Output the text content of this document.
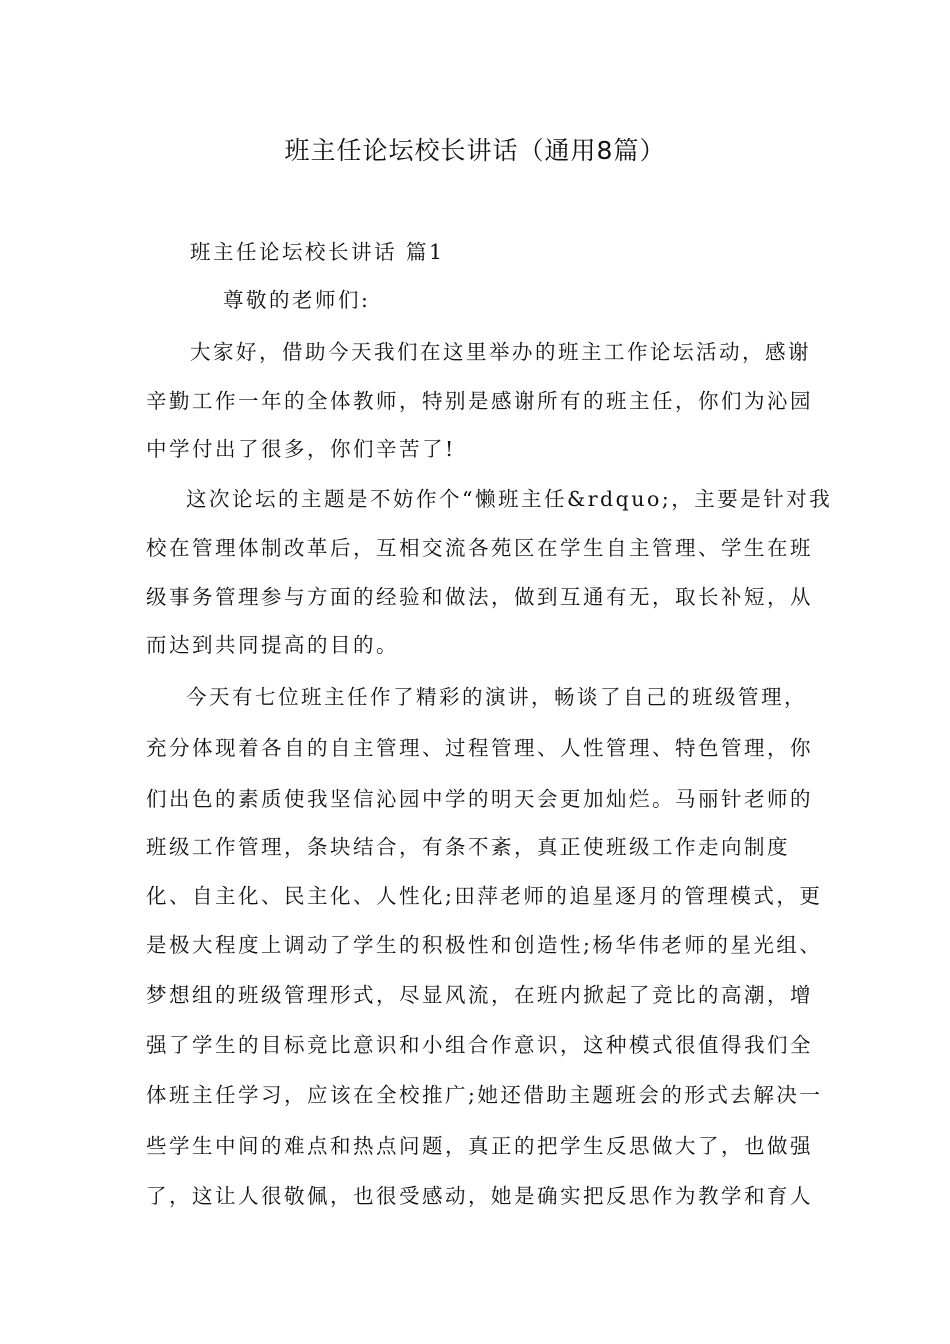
班主任论坛校长讲话（通用8篇）
班主任论坛校长讲话 篇1
尊敬的老师们:
大家好，借助今天我们在这里举办的班主工作论坛活动，感谢
辛勤工作一年的全体教师，特别是感谢所有的班主任，你们为沁园
中学付出了很多，你们辛苦了!
这次论坛的主题是不妨作个“懒班主任&rdquo;，主要是针对我
校在管理体制改革后，互相交流各苑区在学生自主管理、学生在班
级事务管理参与方面的经验和做法，做到互通有无，取长补短，从
而达到共同提高的目的。
今天有七位班主任作了精彩的演讲，畅谈了自己的班级管理，
充分体现着各自的自主管理、过程管理、人性管理、特色管理，你
们出色的素质使我坚信沁园中学的明天会更加灿烂。马丽针老师的
班级工作管理，条块结合，有条不紊，真正使班级工作走向制度
化、自主化、民主化、人性化;田萍老师的追星逐月的管理模式，更
是极大程度上调动了学生的积极性和创造性;杨华伟老师的星光组、
梦想组的班级管理形式，尽显风流，在班内掀起了竞比的高潮，增
强了学生的目标竞比意识和小组合作意识，这种模式很值得我们全
体班主任学习，应该在全校推广;她还借助主题班会的形式去解决一
些学生中间的难点和热点问题，真正的把学生反思做大了，也做强
了，这让人很敬佩，也很受感动，她是确实把反思作为教学和育人
